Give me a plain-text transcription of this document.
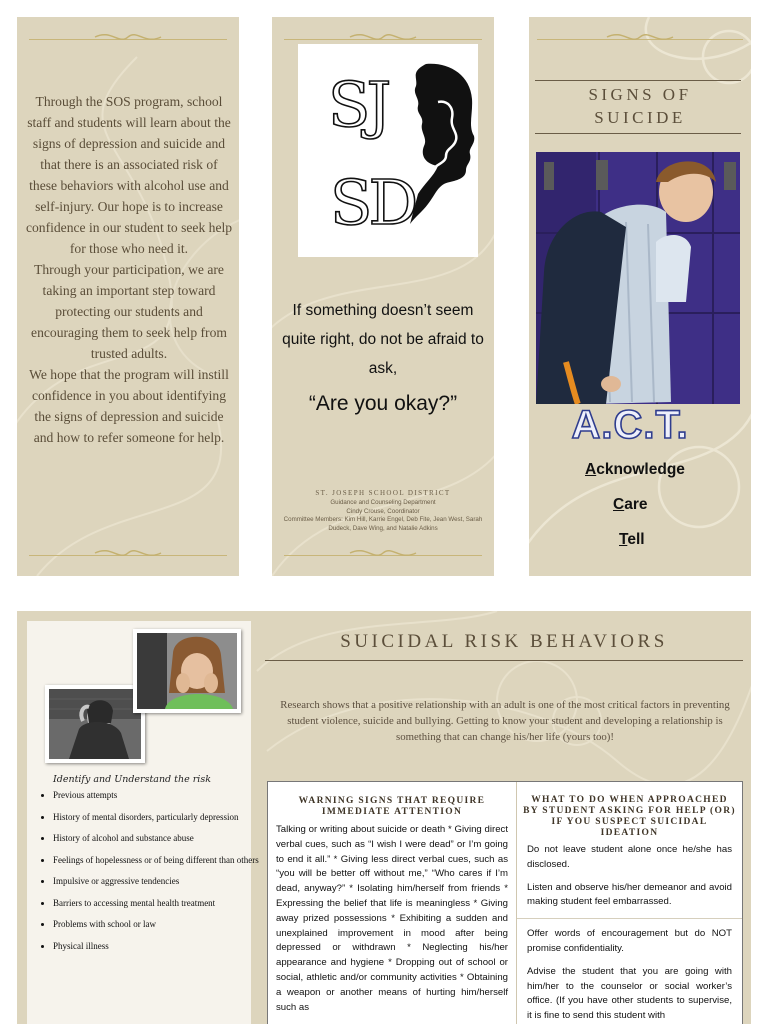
Through the SOS program, school staff and students will learn about the signs of depression and suicide and that there is an associated risk of these behaviors with alcohol use and self-injury. Our hope is to increase confidence in our student to seek help for those who need it.

Through your participation, we are taking an important step toward protecting our students and encouraging them to seek help from trusted adults.

We hope that the program will instill confidence in you about identifying the signs of depression and suicide and how to refer someone for help.

SJ
SD
If something doesn’t seem quite right, do not be afraid to ask,
“Are you okay?”
ST. JOSEPH SCHOOL DISTRICT
Guidance and Counseling Department
Cindy Crouse, Coordinator
Committee Members: Kim Hill, Karrie Engel, Deb Fite, Jean West, Sarah Dudeck, Dave Wing, and Natalie Adkins
SIGNS OF
SUICIDE
A.C.T.
Acknowledge
Care
Tell
Identify and Understand the risk
• Previous attempts
• History of mental disorders, particularly depression
• History of alcohol and substance abuse
• Feelings of hopelessness or of being different than others
• Impulsive or aggressive tendencies
• Barriers to accessing mental health treatment
• Problems with school or law
• Physical illness
SUICIDAL RISK BEHAVIORS
Research shows that a positive relationship with an adult is one of the most critical factors in preventing student violence, suicide and bullying. Getting to know your student and developing a relationship is something that can change his/her life (yours too)!
WARNING SIGNS THAT REQUIRE IMMEDIATE ATTENTION
Talking or writing about suicide or death * Giving direct verbal cues, such as “I wish I were dead” or I’m going to end it all.” * Giving less direct verbal cues, such as “you will be better off without me,” “Who cares if I’m dead, anyway?” * Isolating him/herself from friends * Expressing the belief that life is meaningless * Giving away prized possessions * Exhibiting a sudden and unexplained improvement in mood after being depressed or withdrawn * Neglecting his/her appearance and hygiene * Dropping out of school or social, athletic and/or community activities * Obtaining a weapon or another means of hurting him/herself such as
WHAT TO DO WHEN APPROACHED BY STUDENT ASKING FOR HELP (OR) IF YOU SUSPECT SUICIDAL IDEATION

Do not leave student alone once he/she has disclosed.

Listen and observe his/her demeanor and avoid making student feel embarrassed.

Offer words of encouragement but do NOT promise confidentiality.

Advise the student that you are going with him/her to the counselor or social worker’s office. (If you have other students to supervise, it is fine to send this student with
